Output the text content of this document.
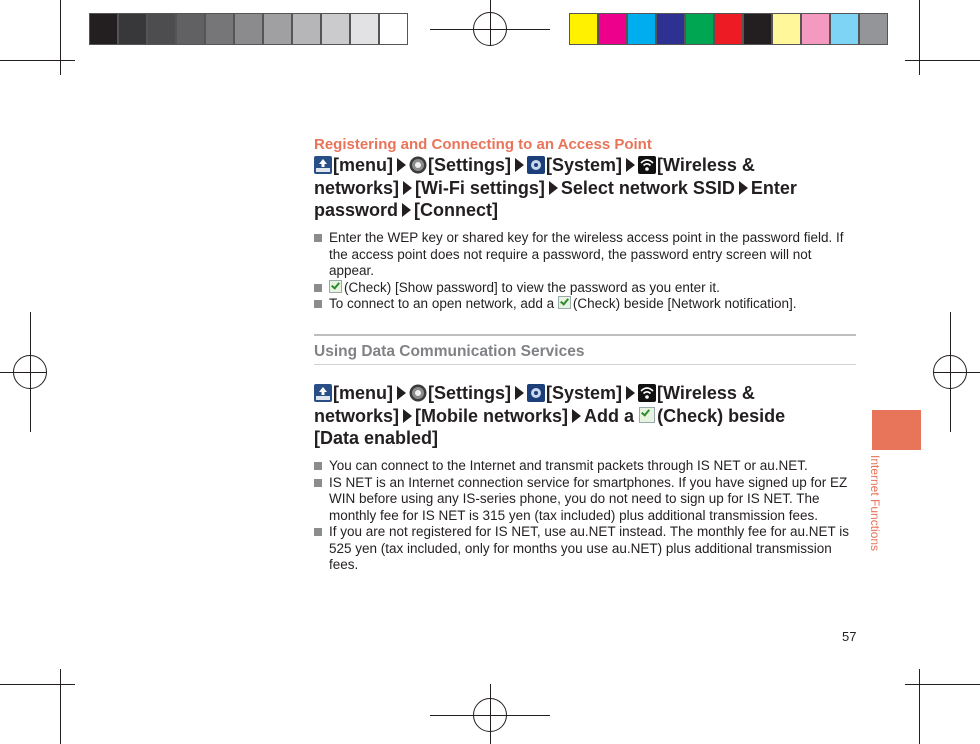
Registering and Connecting to an Access Point
[menu] [Settings] [System] [Wireless &
networks] [Wi-Fi settings] Select network SSID Enter
password [Connect]
Enter the WEP key or shared key for the wireless access point in the password field. If the access point does not require a password, the password entry screen will not appear.
(Check) [Show password] to view the password as you enter it.
To connect to an open network, add a (Check) beside [Network notification].
Using Data Communication Services
[menu] [Settings] [System] [Wireless &
networks] [Mobile networks] Add a (Check) beside
[Data enabled]
You can connect to the Internet and transmit packets through IS NET or au.NET.
IS NET is an Internet connection service for smartphones. If you have signed up for EZ WIN before using any IS-series phone, you do not need to sign up for IS NET. The monthly fee for IS NET is 315 yen (tax included) plus additional transmission fees.
If you are not registered for IS NET, use au.NET instead. The monthly fee for au.NET is 525 yen (tax included, only for months you use au.NET) plus additional transmission fees.
Internet Functions
57
